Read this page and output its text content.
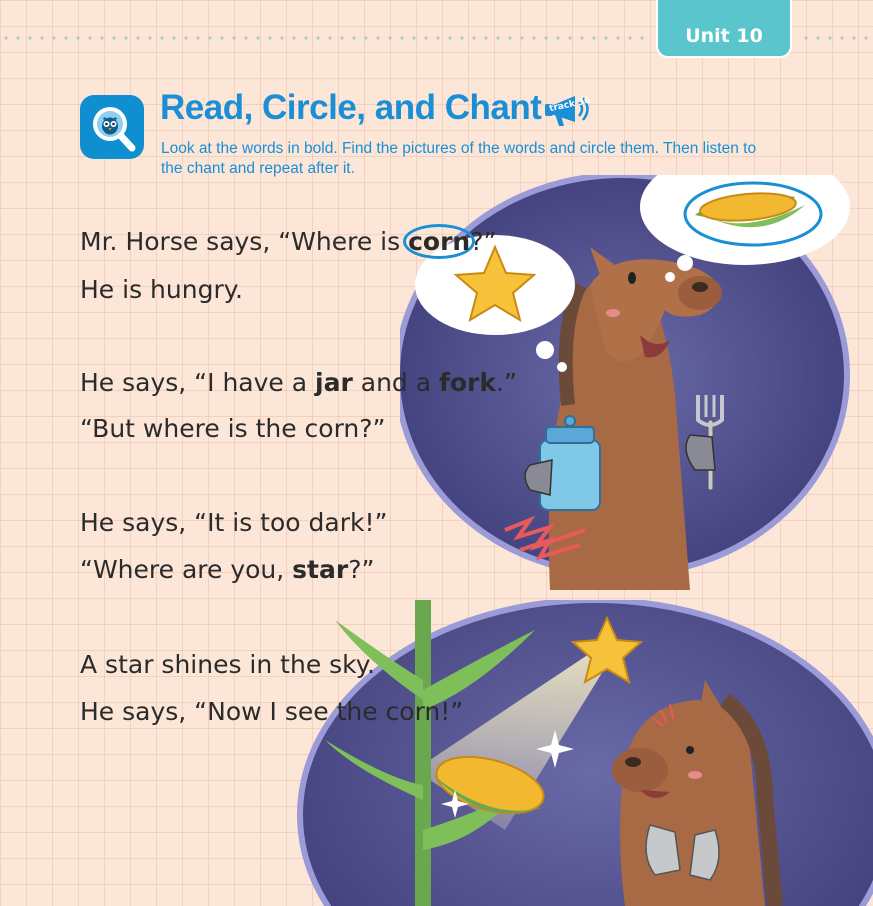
Unit 10
Read, Circle, and Chant track 36
Look at the words in bold. Find the pictures of the words and circle them. Then listen to the chant and repeat after it.
Mr. Horse says, “Where is corn?”
He is hungry.
He says, “I have a jar and a fork.”
“But where is the corn?”
He says, “It is too dark!”
“Where are you, star?”
A star shines in the sky.
He says, “Now I see the corn!”
